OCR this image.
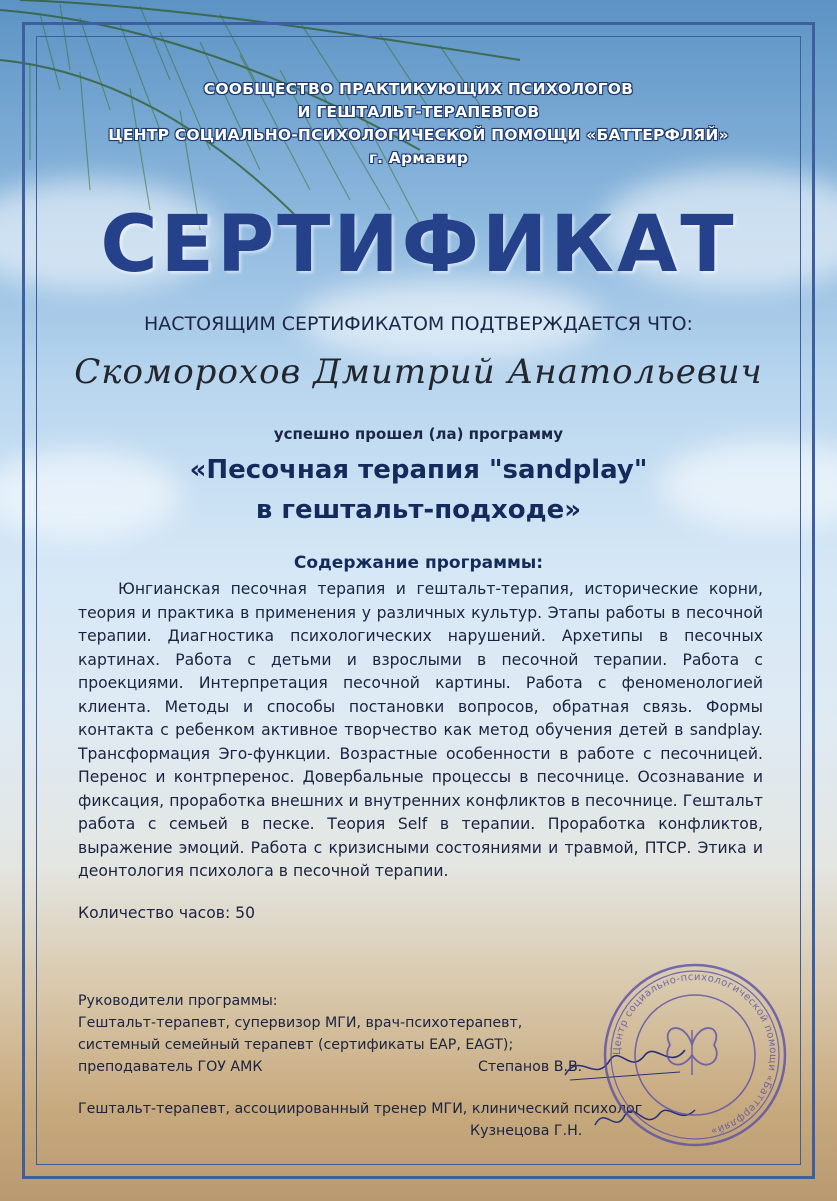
СООБЩЕСТВО ПРАКТИКУЮЩИХ ПСИХОЛОГОВ
И ГЕШТАЛЬТ-ТЕРАПЕВТОВ
ЦЕНТР СОЦИАЛЬНО-ПСИХОЛОГИЧЕСКОЙ ПОМОЩИ «БАТТЕРФЛЯЙ»
г. Армавир
СЕРТИФИКАТ
НАСТОЯЩИМ СЕРТИФИКАТОМ ПОДТВЕРЖДАЕТСЯ ЧТО:
Скоморохов Дмитрий Анатольевич
успешно прошел (ла) программу
«Песочная терапия "sandplay"
в гештальт-подходе»
Содержание программы:
Юнгианская песочная терапия и гештальт-терапия, исторические корни, теория и практика в применения у различных культур. Этапы работы в песочной терапии. Диагностика психологических нарушений. Архетипы в песочных картинах. Работа с детьми и взрослыми в песочной терапии. Работа с проекциями. Интерпретация песочной картины. Работа с феноменологией клиента. Методы и способы постановки вопросов, обратная связь. Формы контакта с ребенком активное творчество как метод обучения детей в sandplay. Трансформация Эго-функции. Возрастные особенности в работе с песочницей. Перенос и контрперенос. Довербальные процессы в песочнице. Осознавание и фиксация, проработка внешних и внутренних конфликтов в песочнице. Гештальт работа с семьей в песке. Теория Self в терапии. Проработка конфликтов, выражение эмоций. Работа с кризисными состояниями и травмой, ПТСР. Этика и деонтология психолога в песочной терапии.
Количество часов: 50
Руководители программы:
Гештальт-терапевт, супервизор МГИ, врач-психотерапевт,
системный семейный терапевт (сертификаты EAP, EAGT);
преподаватель ГОУ АМК	Степанов В.В.
Гештальт-терапевт, ассоциированный тренер МГИ, клинический психолог
Кузнецова Г.Н.
Центр социально-психологической помощи «Баттерфляй»
